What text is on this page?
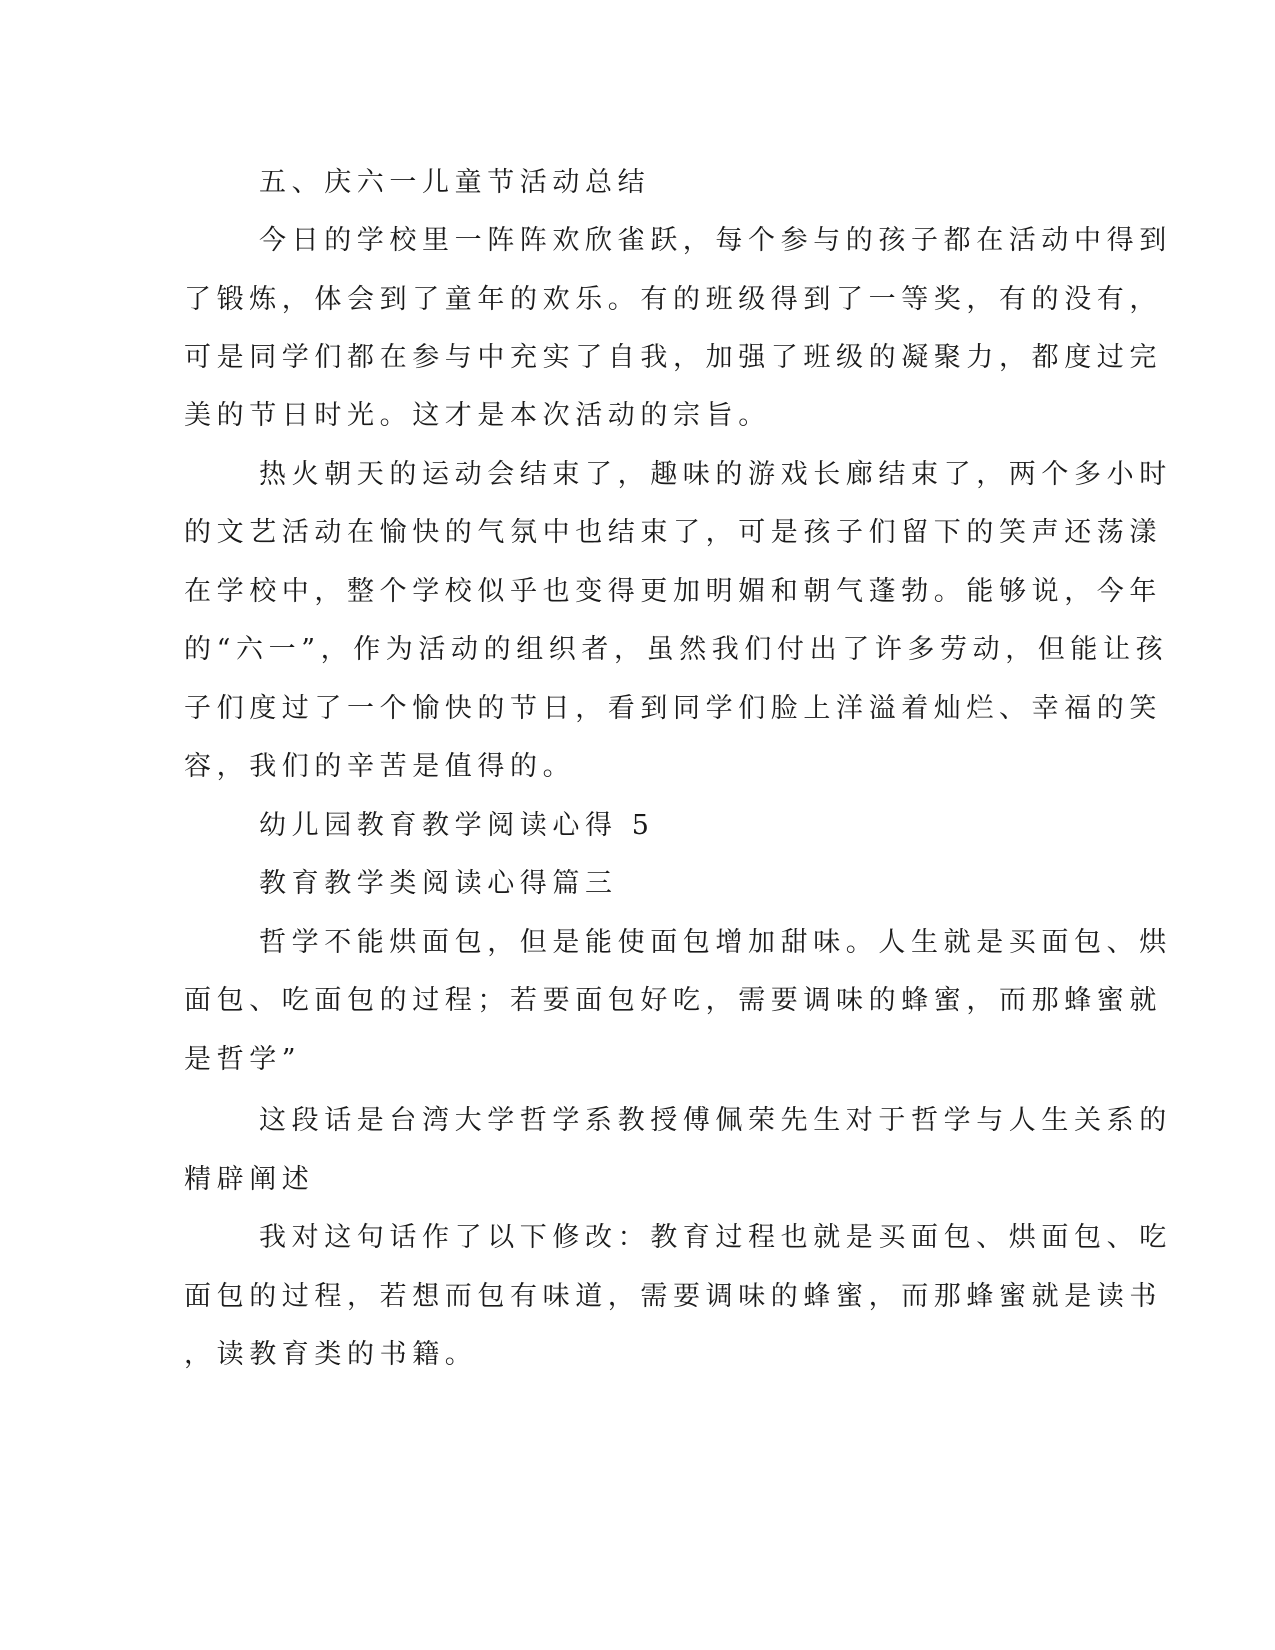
五、庆六一儿童节活动总结

今日的学校里一阵阵欢欣雀跃，每个参与的孩子都在活动中得到

了锻炼，体会到了童年的欢乐。有的班级得到了一等奖，有的没有，

可是同学们都在参与中充实了自我，加强了班级的凝聚力，都度过完

美的节日时光。这才是本次活动的宗旨。

热火朝天的运动会结束了，趣味的游戏长廊结束了，两个多小时

的文艺活动在愉快的气氛中也结束了，可是孩子们留下的笑声还荡漾

在学校中，整个学校似乎也变得更加明媚和朝气蓬勃。能够说，今年

的“六一”，作为活动的组织者，虽然我们付出了许多劳动，但能让孩

子们度过了一个愉快的节日，看到同学们脸上洋溢着灿烂、幸福的笑

容，我们的辛苦是值得的。

幼儿园教育教学阅读心得 5

教育教学类阅读心得篇三

哲学不能烘面包，但是能使面包增加甜味。人生就是买面包、烘

面包、吃面包的过程；若要面包好吃，需要调味的蜂蜜，而那蜂蜜就

是哲学”

这段话是台湾大学哲学系教授傅佩荣先生对于哲学与人生关系的

精辟阐述

我对这句话作了以下修改：教育过程也就是买面包、烘面包、吃

面包的过程，若想而包有味道，需要调味的蜂蜜，而那蜂蜜就是读书

，读教育类的书籍。
